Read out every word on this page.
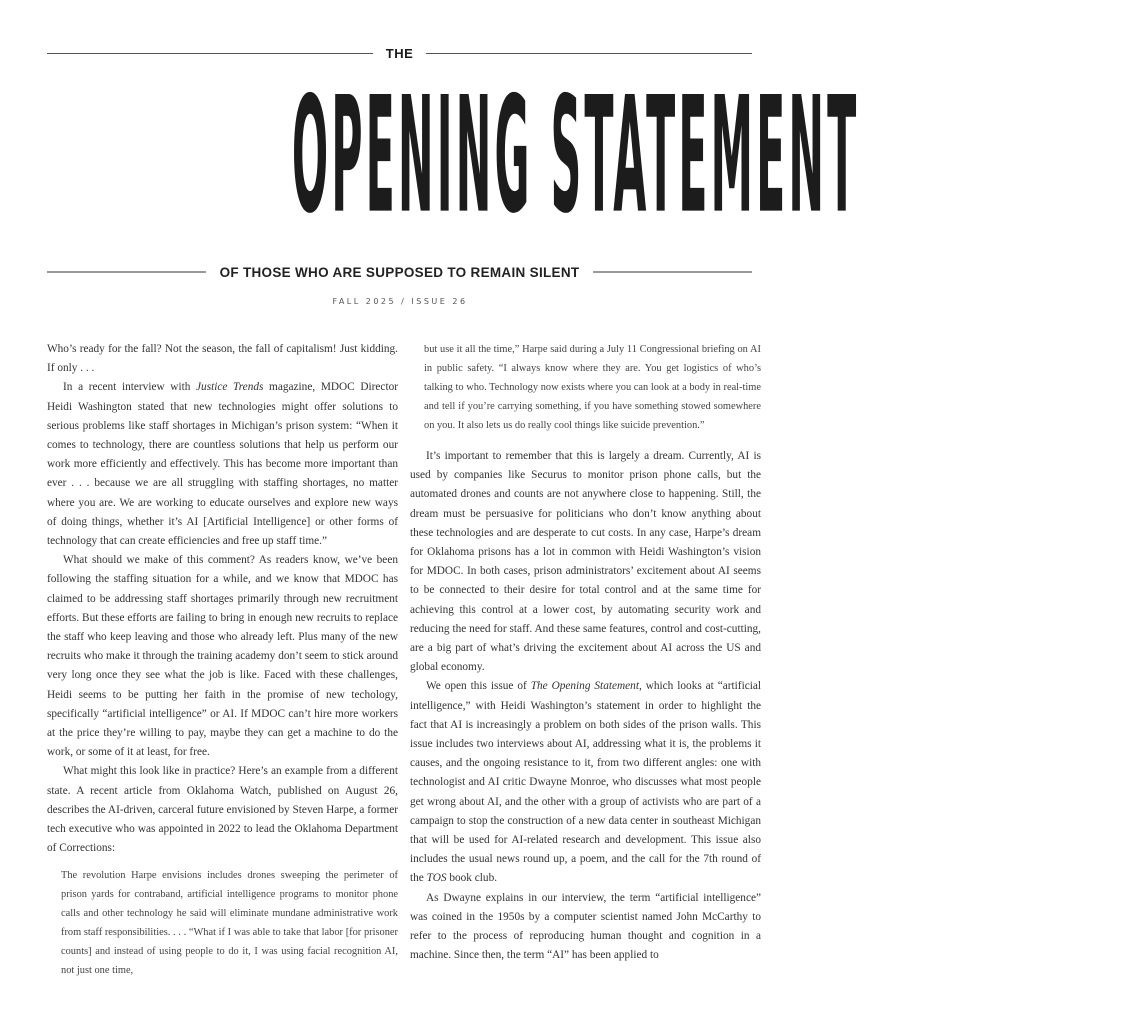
THE
OPENING STATEMENT
OF THOSE WHO ARE SUPPOSED TO REMAIN SILENT
FALL 2025 / ISSUE 26

Who’s ready for the fall? Not the season, the fall of capitalism! Just kidding. If only . . .

In a recent interview with Justice Trends magazine, MDOC Director Heidi Washington stated that new technologies might offer solutions to serious problems like staff shortages in Michigan’s prison system: “When it comes to technology, there are countless solutions that help us perform our work more efficiently and effectively. This has become more important than ever . . . because we are all struggling with staffing shortages, no matter where you are. We are working to educate ourselves and explore new ways of doing things, whether it’s AI [Artificial Intelligence] or other forms of technology that can create efficiencies and free up staff time.”

What should we make of this comment? As readers know, we’ve been following the staffing situation for a while, and we know that MDOC has claimed to be addressing staff shortages primarily through new recruitment efforts. But these efforts are failing to bring in enough new recruits to replace the staff who keep leaving and those who already left. Plus many of the new recruits who make it through the training academy don’t seem to stick around very long once they see what the job is like. Faced with these challenges, Heidi seems to be putting her faith in the promise of new techology, specifically “artificial intelligence” or AI. If MDOC can’t hire more workers at the price they’re willing to pay, maybe they can get a machine to do the work, or some of it at least, for free.

What might this look like in practice? Here’s an example from a different state. A recent article from Oklahoma Watch, published on August 26, describes the AI-driven, carceral future envisioned by Steven Harpe, a former tech executive who was appointed in 2022 to lead the Oklahoma Department of Corrections:

The revolution Harpe envisions includes drones sweeping the perimeter of prison yards for contraband, artificial intelligence programs to monitor phone calls and other technology he said will eliminate mundane administrative work from staff responsibilities. . . . “What if I was able to take that labor [for prisoner counts] and instead of using people to do it, I was using facial recognition AI, not just one time,

but use it all the time,” Harpe said during a July 11 Congressional briefing on AI in public safety. “I always know where they are. You get logistics of who’s talking to who. Technology now exists where you can look at a body in real-time and tell if you’re carrying something, if you have something stowed somewhere on you. It also lets us do really cool things like suicide prevention.”

It’s important to remember that this is largely a dream. Currently, AI is used by companies like Securus to monitor prison phone calls, but the automated drones and counts are not anywhere close to happening. Still, the dream must be persuasive for politicians who don’t know anything about these technologies and are desperate to cut costs. In any case, Harpe’s dream for Oklahoma prisons has a lot in common with Heidi Washington’s vision for MDOC. In both cases, prison administrators’ excitement about AI seems to be connected to their desire for total control and at the same time for achieving this control at a lower cost, by automating security work and reducing the need for staff. And these same features, control and cost-cutting, are a big part of what’s driving the excitement about AI across the US and global economy.

We open this issue of The Opening Statement, which looks at “artificial intelligence,” with Heidi Washington’s statement in order to highlight the fact that AI is increasingly a problem on both sides of the prison walls. This issue includes two interviews about AI, addressing what it is, the problems it causes, and the ongoing resistance to it, from two different angles: one with technologist and AI critic Dwayne Monroe, who discusses what most people get wrong about AI, and the other with a group of activists who are part of a campaign to stop the construction of a new data center in southeast Michigan that will be used for AI-related research and development. This issue also includes the usual news round up, a poem, and the call for the 7th round of the TOS book club.

As Dwayne explains in our interview, the term “artificial intelligence” was coined in the 1950s by a computer scientist named John McCarthy to refer to the process of reproducing human thought and cognition in a machine. Since then, the term “AI” has been applied to
